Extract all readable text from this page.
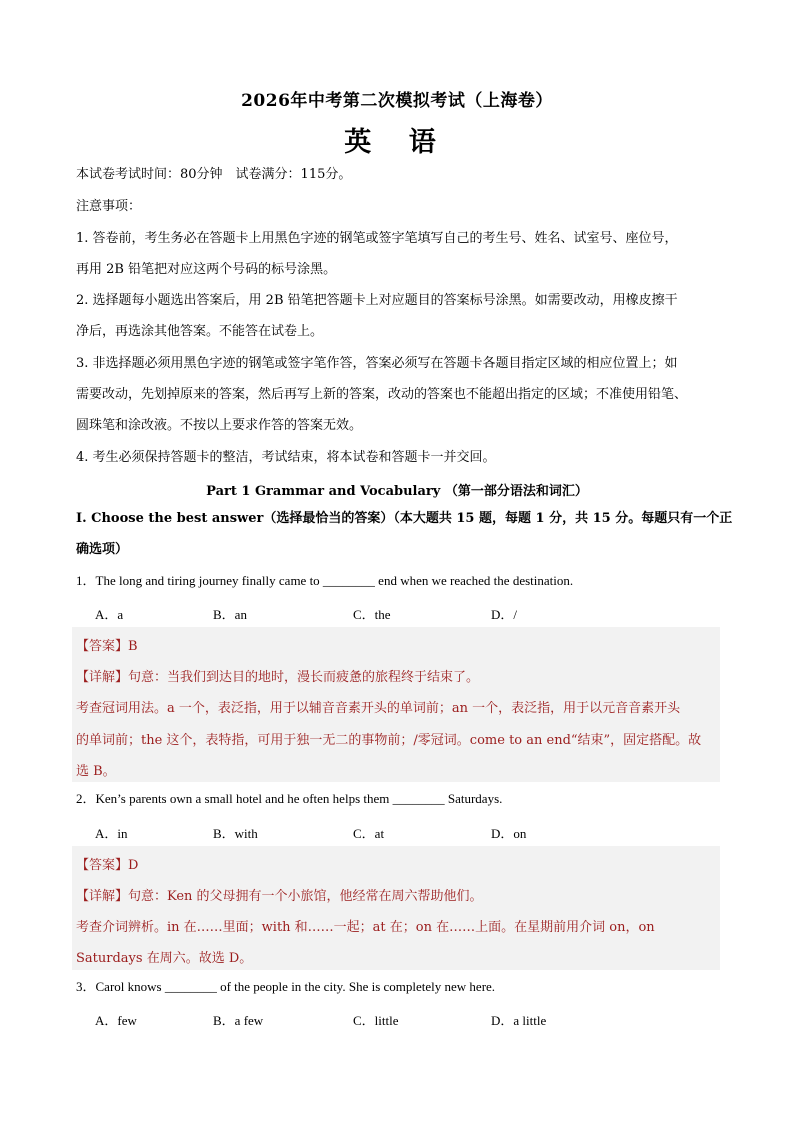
2026年中考第二次模拟考试（上海卷）
英 语
本试卷考试时间：80分钟　试卷满分：115分。
注意事项：
1. 答卷前，考生务必在答题卡上用黑色字迹的钢笔或签字笔填写自己的考生号、姓名、试室号、座位号，
再用 2B 铅笔把对应这两个号码的标号涂黑。
2. 选择题每小题选出答案后，用 2B 铅笔把答题卡上对应题目的答案标号涂黑。如需要改动，用橡皮擦干
净后，再选涂其他答案。不能答在试卷上。
3. 非选择题必须用黑色字迹的钢笔或签字笔作答，答案必须写在答题卡各题目指定区域的相应位置上；如
需要改动，先划掉原来的答案，然后再写上新的答案，改动的答案也不能超出指定的区域；不准使用铅笔、
圆珠笔和涂改液。不按以上要求作答的答案无效。
4. 考生必须保持答题卡的整洁，考试结束，将本试卷和答题卡一并交回。
Part 1 Grammar and Vocabulary （第一部分语法和词汇）
I. Choose the best answer（选择最恰当的答案）（本大题共 15 题，每题 1 分，共 15 分。每题只有一个正
确选项）
1．The long and tiring journey finally came to ________ end when we reached the destination.
A．a	B．an	C．the	D．/
【答案】B
【详解】句意：当我们到达目的地时，漫长而疲惫的旅程终于结束了。
考查冠词用法。a 一个，表泛指，用于以辅音音素开头的单词前；an 一个，表泛指，用于以元音音素开头
的单词前；the 这个，表特指，可用于独一无二的事物前；/零冠词。come to an end“结束”，固定搭配。故
选 B。
2．Ken’s parents own a small hotel and he often helps them ________ Saturdays.
A．in	B．with	C．at	D．on
【答案】D
【详解】句意：Ken 的父母拥有一个小旅馆，他经常在周六帮助他们。
考查介词辨析。in 在……里面；with 和……一起；at 在；on 在……上面。在星期前用介词 on，on
Saturdays 在周六。故选 D。
3．Carol knows ________ of the people in the city. She is completely new here.
A．few	B．a few	C．little	D．a little
